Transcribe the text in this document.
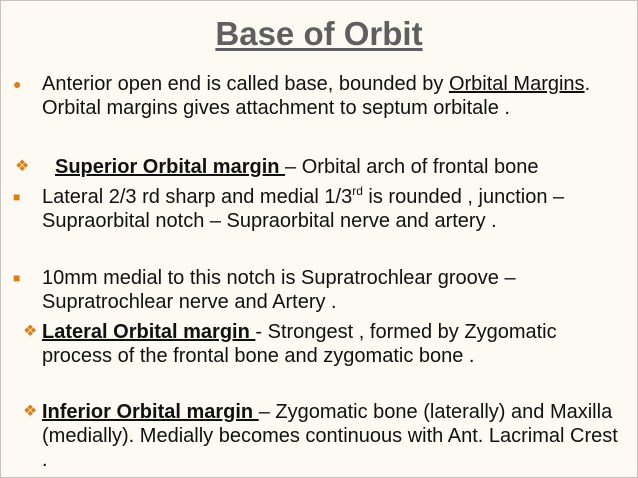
Base of Orbit
● Anterior open end is called base, bounded by Orbital Margins. Orbital margins gives attachment to septum orbitale .
❖ Superior Orbital margin – Orbital arch of frontal bone
■ Lateral 2/3 rd sharp and medial 1/3rd is rounded , junction – Supraorbital notch – Supraorbital nerve and artery .
■ 10mm medial to this notch is Supratrochlear groove – Supratrochlear nerve and Artery .
❖ Lateral Orbital margin - Strongest , formed by Zygomatic process of the frontal bone and zygomatic bone .
❖ Inferior Orbital margin – Zygomatic bone (laterally) and Maxilla (medially). Medially becomes continuous with Ant. Lacrimal Crest .
